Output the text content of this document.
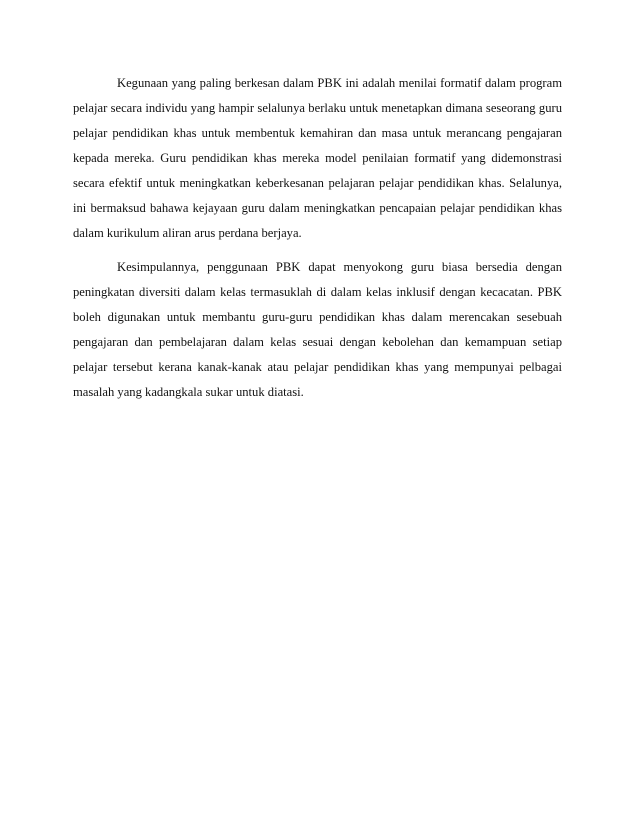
Kegunaan yang paling berkesan dalam PBK ini adalah menilai formatif dalam program pelajar secara individu yang hampir selalunya berlaku untuk menetapkan dimana seseorang guru pelajar pendidikan khas untuk membentuk kemahiran dan masa untuk merancang pengajaran kepada mereka. Guru pendidikan khas mereka model penilaian formatif yang didemonstrasi secara efektif untuk meningkatkan keberkesanan pelajaran pelajar pendidikan khas. Selalunya, ini bermaksud bahawa kejayaan guru dalam meningkatkan pencapaian pelajar pendidikan khas dalam kurikulum aliran arus perdana berjaya.

Kesimpulannya, penggunaan PBK dapat menyokong guru biasa bersedia dengan peningkatan diversiti dalam kelas termasuklah di dalam kelas inklusif dengan kecacatan. PBK boleh digunakan untuk membantu guru-guru pendidikan khas dalam merencakan sesebuah pengajaran dan pembelajaran dalam kelas sesuai dengan kebolehan dan kemampuan setiap pelajar tersebut kerana kanak-kanak atau pelajar pendidikan khas yang mempunyai pelbagai masalah yang kadangkala sukar untuk diatasi.
